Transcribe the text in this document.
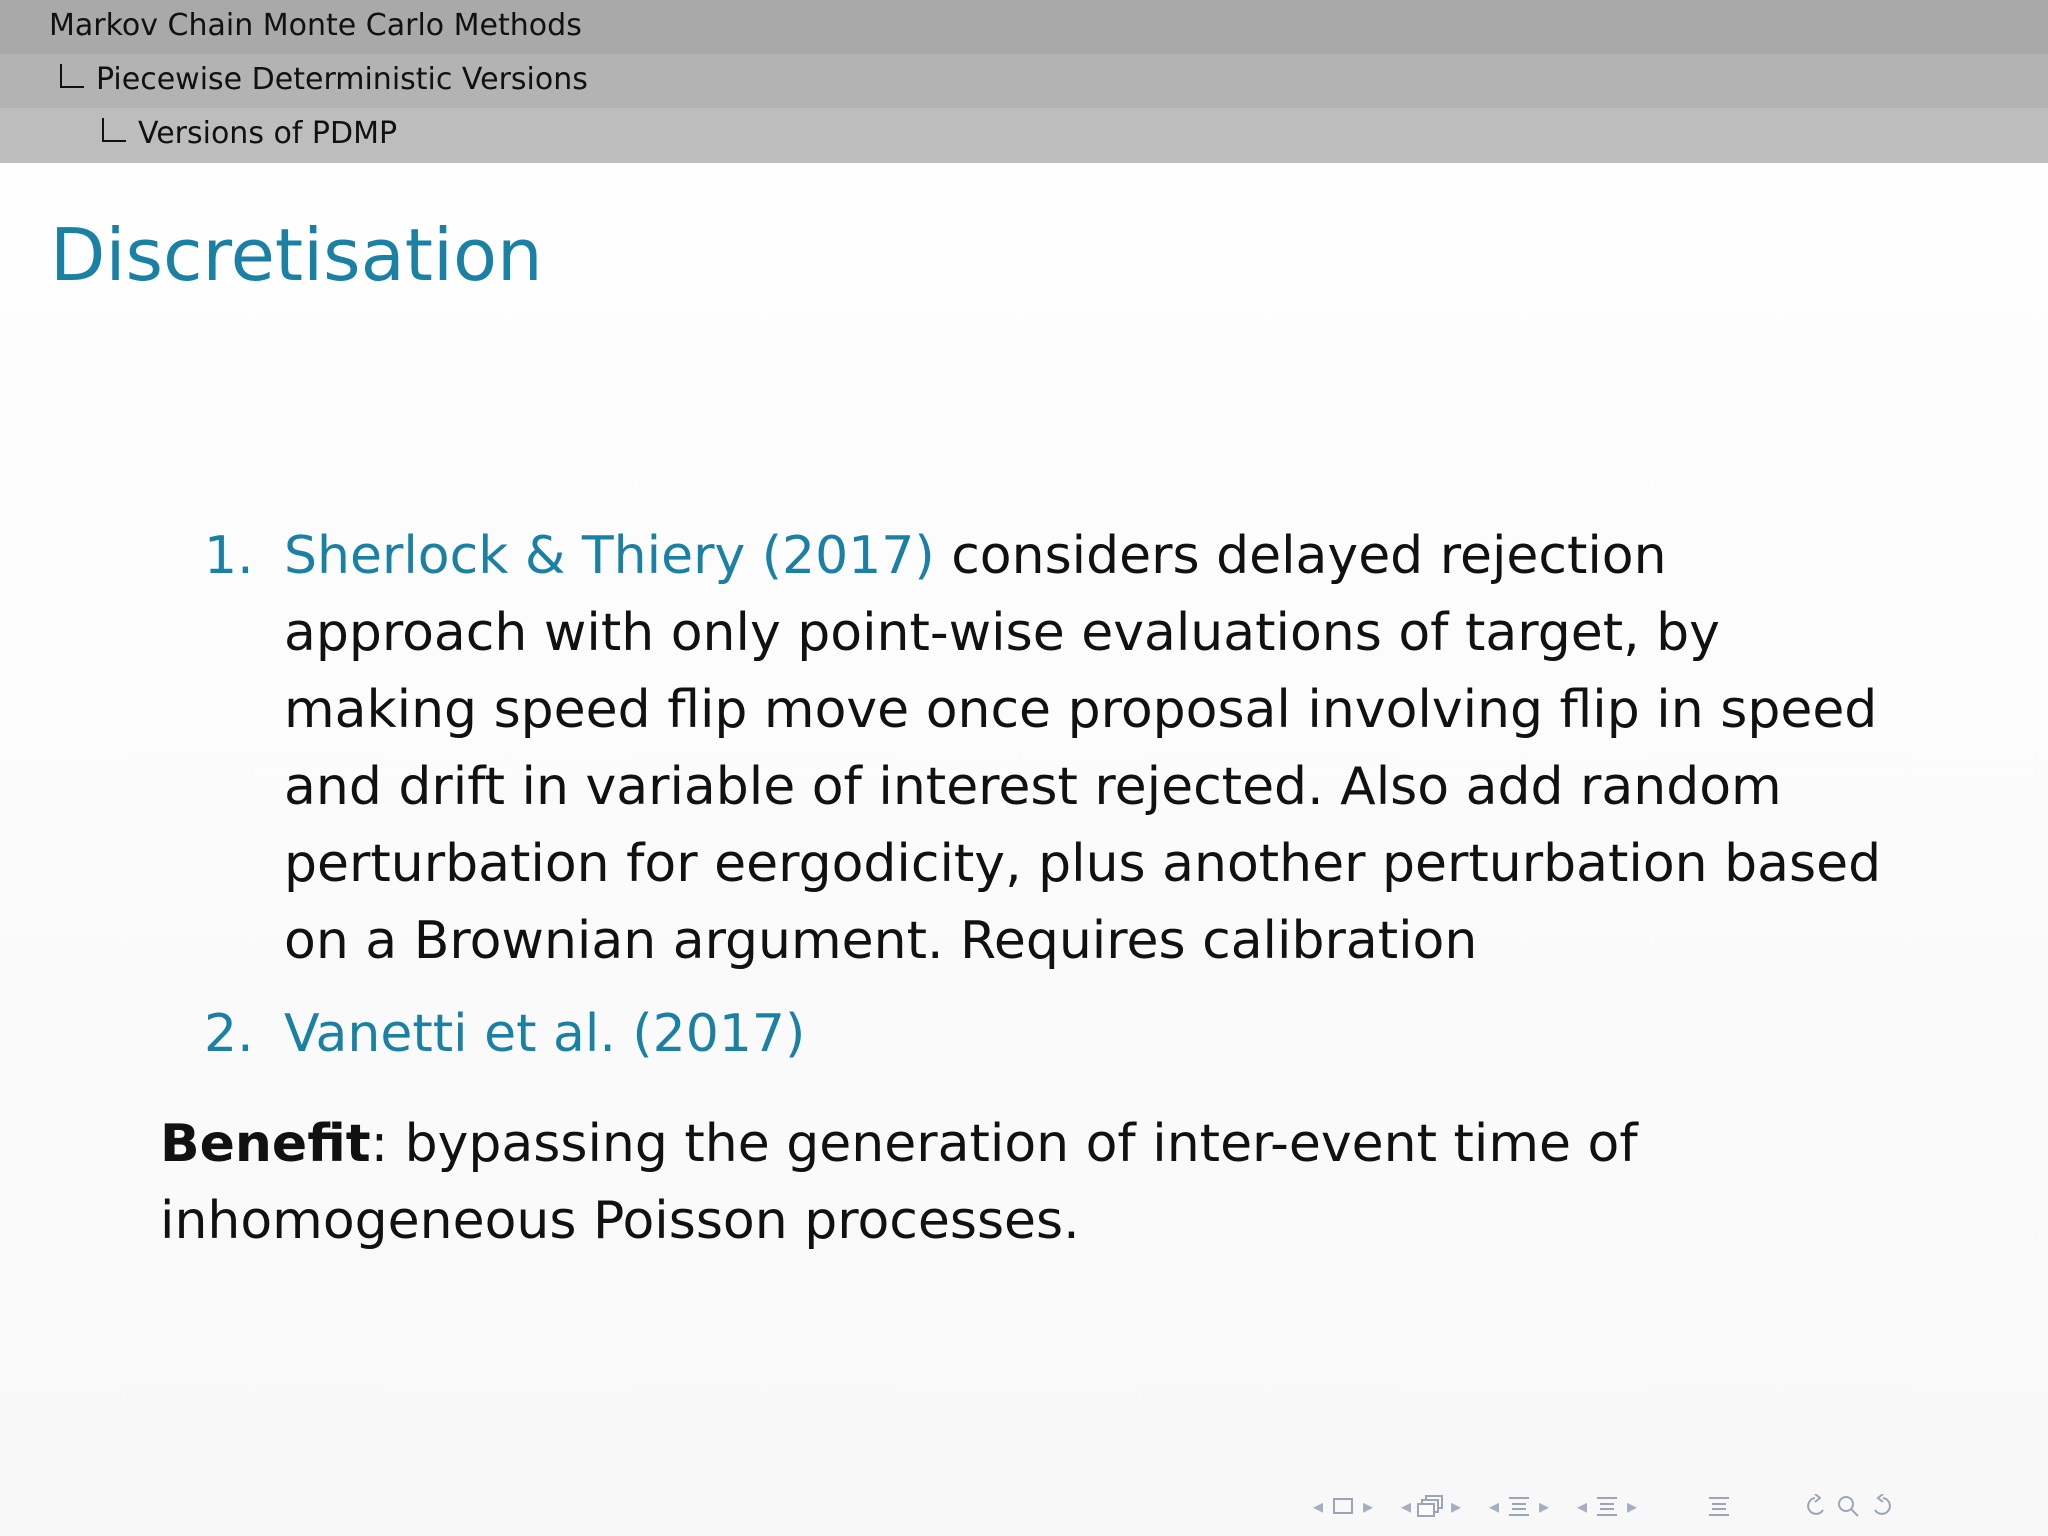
Markov Chain Monte Carlo Methods
Piecewise Deterministic Versions
Versions of PDMP
Discretisation
1. Sherlock & Thiery (2017) considers delayed rejection approach with only point-wise evaluations of target, by making speed flip move once proposal involving flip in speed and drift in variable of interest rejected. Also add random perturbation for eergodicity, plus another perturbation based on a Brownian argument. Requires calibration
2. Vanetti et al. (2017)

Benefit: bypassing the generation of inter-event time of inhomogeneous Poisson processes.

◂ ▸ ◂ ▸ ◂ ▸ ◂ ▸
